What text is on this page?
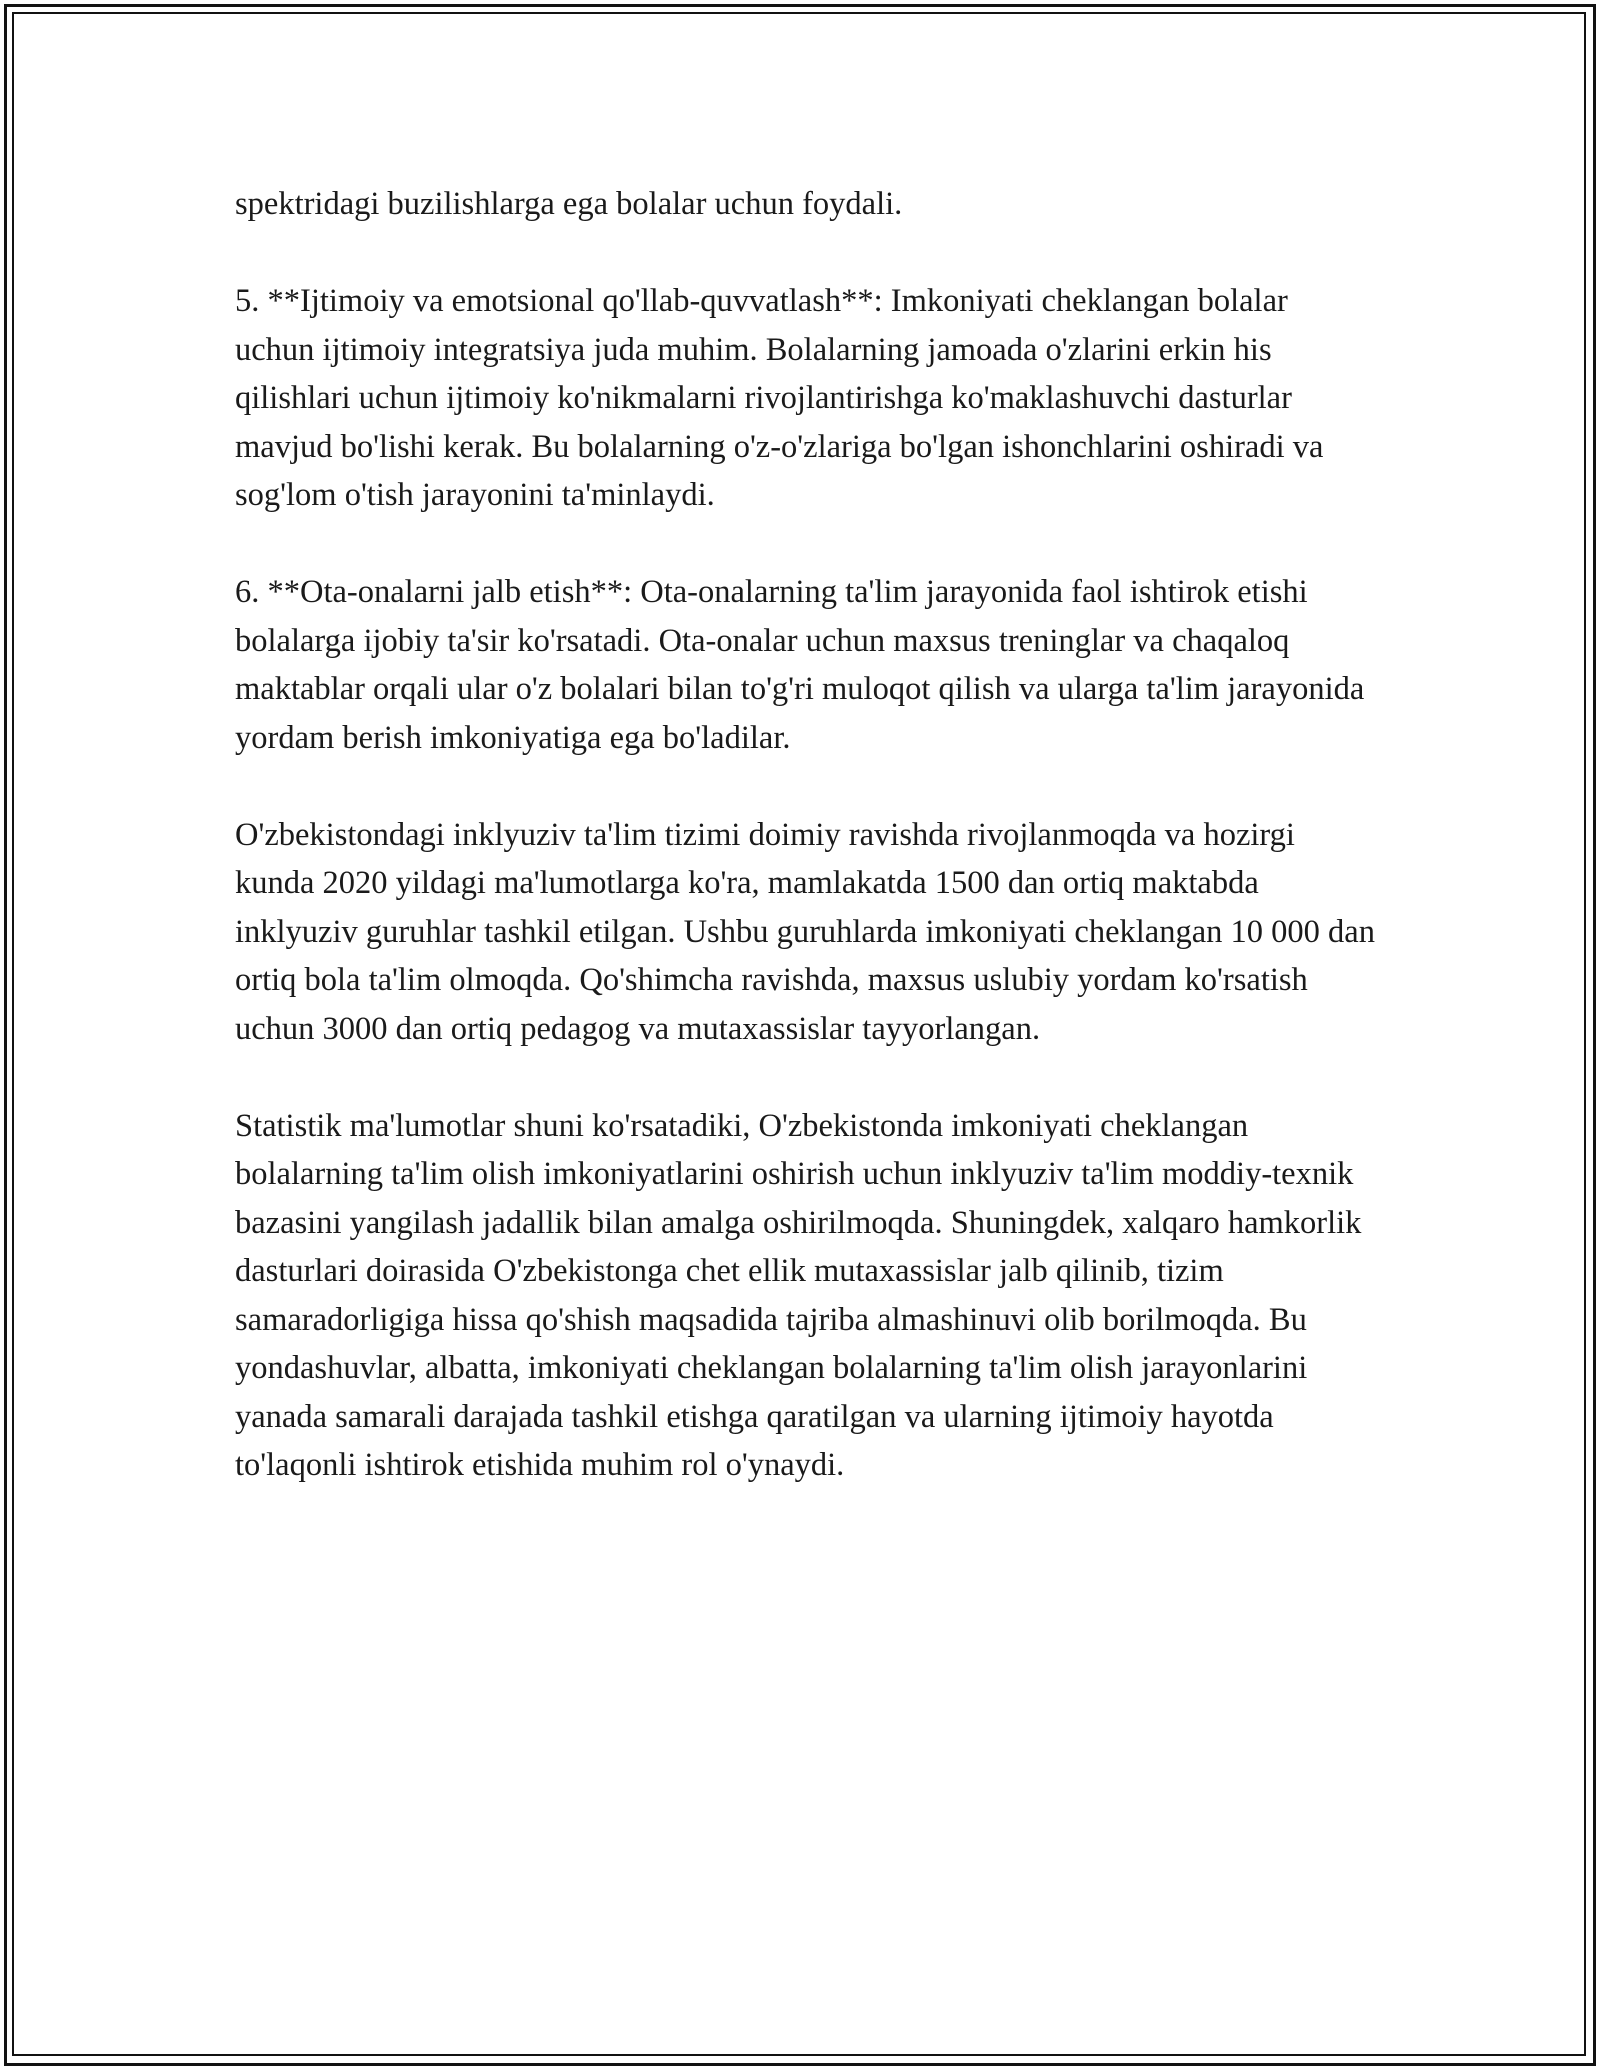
spektridagi buzilishlarga ega bolalar uchun foydali.

5. **Ijtimoiy va emotsional qo'llab-quvvatlash**: Imkoniyati cheklangan bolalar uchun ijtimoiy integratsiya juda muhim. Bolalarning jamoada o'zlarini erkin his qilishlari uchun ijtimoiy ko'nikmalarni rivojlantirishga ko'maklashuvchi dasturlar mavjud bo'lishi kerak. Bu bolalarning o'z-o'zlariga bo'lgan ishonchlarini oshiradi va sog'lom o'tish jarayonini ta'minlaydi.

6. **Ota-onalarni jalb etish**: Ota-onalarning ta'lim jarayonida faol ishtirok etishi bolalarga ijobiy ta'sir ko'rsatadi. Ota-onalar uchun maxsus treninglar va chaqaloq maktablar orqali ular o'z bolalari bilan to'g'ri muloqot qilish va ularga ta'lim jarayonida yordam berish imkoniyatiga ega bo'ladilar.

O'zbekistondagi inklyuziv ta'lim tizimi doimiy ravishda rivojlanmoqda va hozirgi kunda 2020 yildagi ma'lumotlarga ko'ra, mamlakatda 1500 dan ortiq maktabda inklyuziv guruhlar tashkil etilgan. Ushbu guruhlarda imkoniyati cheklangan 10 000 dan ortiq bola ta'lim olmoqda. Qo'shimcha ravishda, maxsus uslubiy yordam ko'rsatish uchun 3000 dan ortiq pedagog va mutaxassislar tayyorlangan.

Statistik ma'lumotlar shuni ko'rsatadiki, O'zbekistonda imkoniyati cheklangan bolalarning ta'lim olish imkoniyatlarini oshirish uchun inklyuziv ta'lim moddiy-texnik bazasini yangilash jadallik bilan amalga oshirilmoqda. Shuningdek, xalqaro hamkorlik dasturlari doirasida O'zbekistonga chet ellik mutaxassislar jalb qilinib, tizim samaradorligiga hissa qo'shish maqsadida tajriba almashinuvi olib borilmoqda. Bu yondashuvlar, albatta, imkoniyati cheklangan bolalarning ta'lim olish jarayonlarini yanada samarali darajada tashkil etishga qaratilgan va ularning ijtimoiy hayotda to'laqonli ishtirok etishida muhim rol o'ynaydi.
